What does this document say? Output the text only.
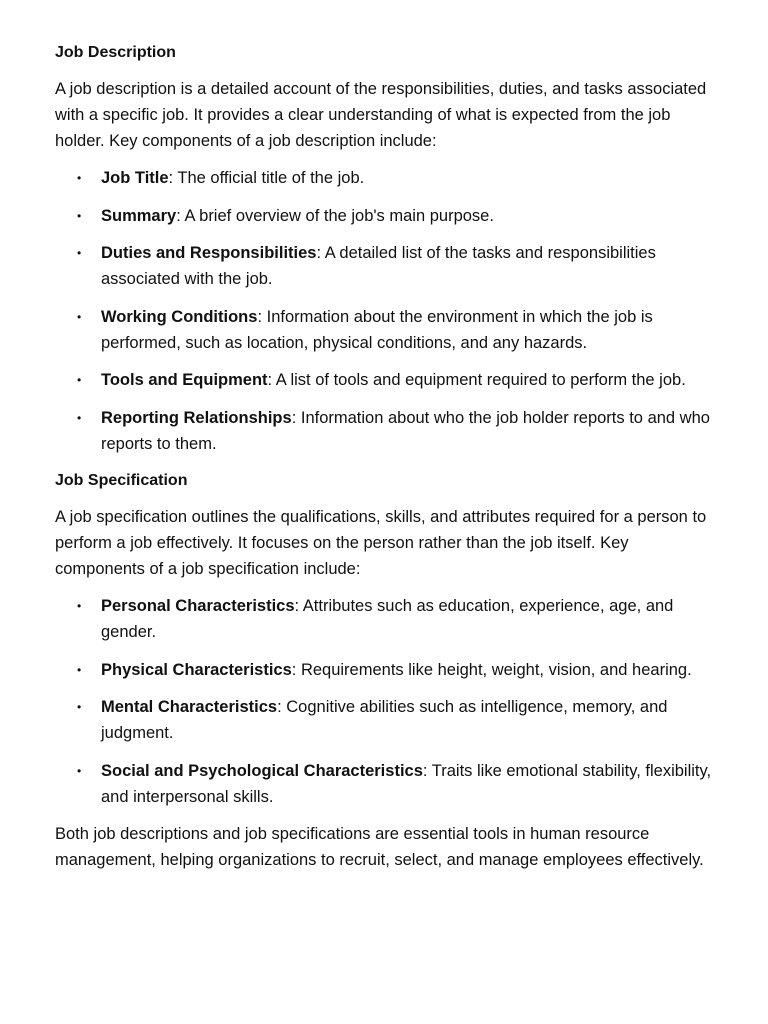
Job Description

A job description is a detailed account of the responsibilities, duties, and tasks associated with a specific job. It provides a clear understanding of what is expected from the job holder. Key components of a job description include:

• Job Title: The official title of the job.
• Summary: A brief overview of the job's main purpose.
• Duties and Responsibilities: A detailed list of the tasks and responsibilities associated with the job.
• Working Conditions: Information about the environment in which the job is performed, such as location, physical conditions, and any hazards.
• Tools and Equipment: A list of tools and equipment required to perform the job.
• Reporting Relationships: Information about who the job holder reports to and who reports to them.
Job Specification

A job specification outlines the qualifications, skills, and attributes required for a person to perform a job effectively. It focuses on the person rather than the job itself. Key components of a job specification include:

• Personal Characteristics: Attributes such as education, experience, age, and gender.
• Physical Characteristics: Requirements like height, weight, vision, and hearing.
• Mental Characteristics: Cognitive abilities such as intelligence, memory, and judgment.
• Social and Psychological Characteristics: Traits like emotional stability, flexibility, and interpersonal skills.

Both job descriptions and job specifications are essential tools in human resource management, helping organizations to recruit, select, and manage employees effectively.
